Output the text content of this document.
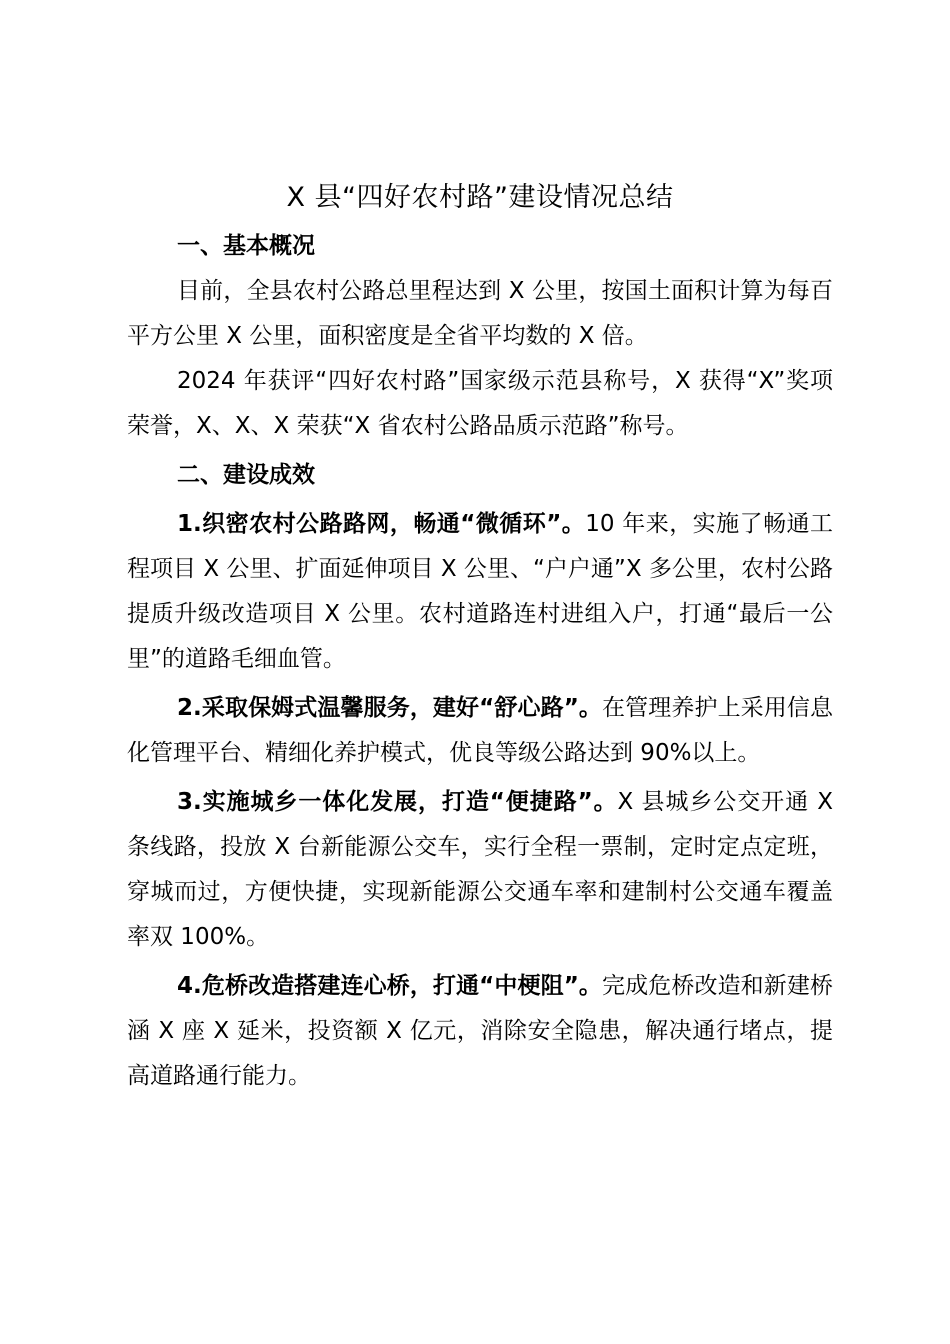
X 县“四好农村路”建设情况总结
一、基本概况

目前，全县农村公路总里程达到 X 公里，按国土面积计算为每百平方公里 X 公里，面积密度是全省平均数的 X 倍。

2024 年获评“四好农村路”国家级示范县称号，X 获得“X”奖项荣誉，X、X、X 荣获“X 省农村公路品质示范路”称号。

二、建设成效

1.织密农村公路路网，畅通“微循环”。10 年来，实施了畅通工程项目 X 公里、扩面延伸项目 X 公里、“户户通”X 多公里，农村公路提质升级改造项目 X 公里。农村道路连村进组入户，打通“最后一公里”的道路毛细血管。

2.采取保姆式温馨服务，建好“舒心路”。在管理养护上采用信息化管理平台、精细化养护模式，优良等级公路达到 90%以上。

3.实施城乡一体化发展，打造“便捷路”。X 县城乡公交开通 X 条线路，投放 X 台新能源公交车，实行全程一票制，定时定点定班，穿城而过，方便快捷，实现新能源公交通车率和建制村公交通车覆盖率双 100%。

4.危桥改造搭建连心桥，打通“中梗阻”。完成危桥改造和新建桥涵 X 座 X 延米，投资额 X 亿元，消除安全隐患，解决通行堵点，提高道路通行能力。
